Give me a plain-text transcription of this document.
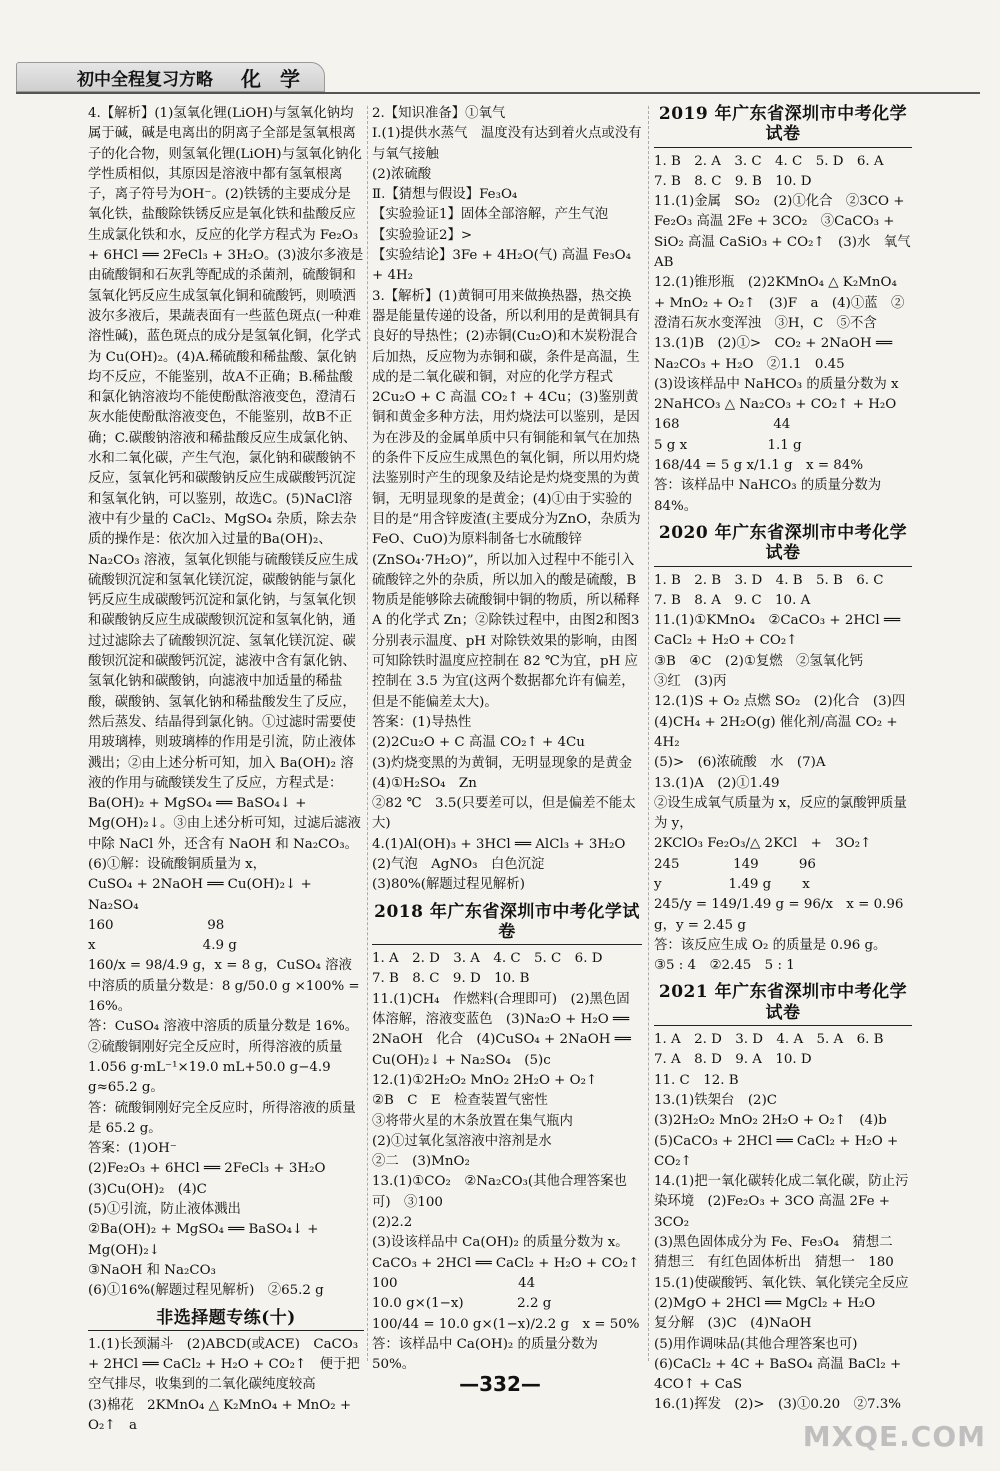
初中全程复习方略 化 学
4.【解析】(1)氢氧化锂(LiOH)与氢氧化钠均属于碱，碱是电离出的阴离子全部是氢氧根离子的化合物，则氢氧化锂(LiOH)与氢氧化钠化学性质相似，其原因是溶液中都有氢氧根离子，离子符号为OH⁻。(2)铁锈的主要成分是氧化铁，盐酸除铁锈反应是氧化铁和盐酸反应生成氯化铁和水，反应的化学方程式为 Fe₂O₃ + 6HCl ══ 2FeCl₃ + 3H₂O。(3)波尔多液是由硫酸铜和石灰乳等配成的杀菌剂，硫酸铜和氢氧化钙反应生成氢氧化铜和硫酸钙，则喷洒波尔多液后，果蔬表面有一些蓝色斑点(一种难溶性碱)，蓝色斑点的成分是氢氧化铜，化学式为 Cu(OH)₂。(4)A.稀硫酸和稀盐酸、氯化钠均不反应，不能鉴别，故A不正确；B.稀盐酸和氯化钠溶液均不能使酚酞溶液变色，澄清石灰水能使酚酞溶液变色，不能鉴别，故B不正确；C.碳酸钠溶液和稀盐酸反应生成氯化钠、水和二氧化碳，产生气泡，氯化钠和碳酸钠不反应，氢氧化钙和碳酸钠反应生成碳酸钙沉淀和氢氧化钠，可以鉴别，故选C。(5)NaCl溶液中有少量的 CaCl₂、MgSO₄ 杂质，除去杂质的操作是：依次加入过量的Ba(OH)₂、Na₂CO₃ 溶液，氢氧化钡能与硫酸镁反应生成硫酸钡沉淀和氢氧化镁沉淀，碳酸钠能与氯化钙反应生成碳酸钙沉淀和氯化钠，与氢氧化钡和碳酸钠反应生成碳酸钡沉淀和氢氧化钠，通过过滤除去了硫酸钡沉淀、氢氧化镁沉淀、碳酸钡沉淀和碳酸钙沉淀，滤液中含有氯化钠、氢氧化钠和碳酸钠，向滤液中加适量的稀盐酸，碳酸钠、氢氧化钠和稀盐酸发生了反应，然后蒸发、结晶得到氯化钠。①过滤时需要使用玻璃棒，则玻璃棒的作用是引流，防止液体溅出；②由上述分析可知，加入 Ba(OH)₂ 溶液的作用与硫酸镁发生了反应，方程式是：Ba(OH)₂ + MgSO₄ ══ BaSO₄↓ + Mg(OH)₂↓。③由上述分析可知，过滤后滤液中除 NaCl 外，还含有 NaOH 和 Na₂CO₃。
(6)①解：设硫酸铜质量为 x，
CuSO₄ + 2NaOH ══ Cu(OH)₂↓ + Na₂SO₄
160　　　　　　　98
x　　　　　　　　4.9 g
160/x = 98/4.9 g，x = 8 g，CuSO₄ 溶液中溶质的质量分数是：8 g/50.0 g ×100% = 16%。
答：CuSO₄ 溶液中溶质的质量分数是 16%。
②硫酸铜刚好完全反应时，所得溶液的质量 1.056 g·mL⁻¹×19.0 mL+50.0 g−4.9 g≈65.2 g。
答：硫酸铜刚好完全反应时，所得溶液的质量是 65.2 g。
答案：(1)OH⁻
(2)Fe₂O₃ + 6HCl ══ 2FeCl₃ + 3H₂O
(3)Cu(OH)₂　(4)C
(5)①引流，防止液体溅出
②Ba(OH)₂ + MgSO₄ ══ BaSO₄↓ + Mg(OH)₂↓
③NaOH 和 Na₂CO₃
(6)①16%(解题过程见解析)　②65.2 g
非选择题专练(十)
1.(1)长颈漏斗　(2)ABCD(或ACE)　CaCO₃ + 2HCl ══ CaCl₂ + H₂O + CO₂↑　便于把空气排尽，收集到的二氧化碳纯度较高
(3)棉花　2KMnO₄ △ K₂MnO₄ + MnO₂ + O₂↑　a
2.【知识准备】①氧气
Ⅰ.(1)提供水蒸气　温度没有达到着火点或没有与氧气接触
(2)浓硫酸
Ⅱ.【猜想与假设】Fe₃O₄
【实验验证1】固体全部溶解，产生气泡
【实验验证2】>
【实验结论】3Fe + 4H₂O(气) 高温 Fe₃O₄ + 4H₂
3.【解析】(1)黄铜可用来做换热器，热交换器是能量传递的设备，所以利用的是黄铜具有良好的导热性；(2)赤铜(Cu₂O)和木炭粉混合后加热，反应物为赤铜和碳，条件是高温，生成的是二氧化碳和铜，对应的化学方程式 2Cu₂O + C 高温 CO₂↑ + 4Cu；(3)鉴别黄铜和黄金多种方法，用灼烧法可以鉴别，是因为在涉及的金属单质中只有铜能和氧气在加热的条件下反应生成黑色的氧化铜，所以用灼烧法鉴别时产生的现象及结论是灼烧变黑的为黄铜，无明显现象的是黄金；(4)①由于实验的目的是“用含锌废渣(主要成分为ZnO，杂质为FeO、CuO)为原料制备七水硫酸锌(ZnSO₄·7H₂O)”，所以加入过程中不能引入硫酸锌之外的杂质，所以加入的酸是硫酸，B物质是能够除去硫酸铜中铜的物质，所以稀释 A 的化学式 Zn；②除铁过程中，由图2和图3分别表示温度、pH 对除铁效果的影响，由图可知除铁时温度应控制在 82 ℃为宜，pH 应控制在 3.5 为宜(这两个数据都允许有偏差，但是不能偏差太大)。
答案：(1)导热性
(2)2Cu₂O + C 高温 CO₂↑ + 4Cu
(3)灼烧变黑的为黄铜，无明显现象的是黄金
(4)①H₂SO₄　Zn
②82 ℃　3.5(只要差可以，但是偏差不能太大)
4.(1)Al(OH)₃ + 3HCl ══ AlCl₃ + 3H₂O
(2)气泡　AgNO₃　白色沉淀
(3)80%(解题过程见解析)
2018 年广东省深圳市中考化学试卷
1. A　2. D　3. A　4. C　5. C　6. D
7. B　8. C　9. D　10. B
11.(1)CH₄　作燃料(合理即可)　(2)黑色固体溶解，溶液变蓝色　(3)Na₂O + H₂O ══ 2NaOH　化合　(4)CuSO₄ + 2NaOH ══ Cu(OH)₂↓ + Na₂SO₄　(5)c
12.(1)①2H₂O₂ MnO₂ 2H₂O + O₂↑
②B　C　E　检查装置气密性
③将带火星的木条放置在集气瓶内
(2)①过氧化氢溶液中溶剂是水
②二　(3)MnO₂
13.(1)①CO₂　②Na₂CO₃(其他合理答案也可)　③100
(2)2.2
(3)设该样品中 Ca(OH)₂ 的质量分数为 x。
CaCO₃ + 2HCl ══ CaCl₂ + H₂O + CO₂↑
100　　　　　　　　　44
10.0 g×(1−x)　　　　2.2 g
100/44 = 10.0 g×(1−x)/2.2 g　x = 50%
答：该样品中 Ca(OH)₂ 的质量分数为 50%。
2019 年广东省深圳市中考化学试卷
1. B　2. A　3. C　4. C　5. D　6. A
7. B　8. C　9. B　10. D
11.(1)金属　SO₂　(2)①化合　②3CO + Fe₂O₃ 高温 2Fe + 3CO₂　③CaCO₃ + SiO₂ 高温 CaSiO₃ + CO₂↑　(3)水　氧气　AB
12.(1)锥形瓶　(2)2KMnO₄ △ K₂MnO₄ + MnO₂ + O₂↑　(3)F　a　(4)①蓝　②澄清石灰水变浑浊　③H，C　⑤不含
13.(1)B　(2)①>　CO₂ + 2NaOH ══ Na₂CO₃ + H₂O　②1.1　0.45
(3)设该样品中 NaHCO₃ 的质量分数为 x
2NaHCO₃ △ Na₂CO₃ + CO₂↑ + H₂O
168　　　　　　　44
5 g x　　　　　　1.1 g
168/44 = 5 g x/1.1 g　x = 84%
答：该样品中 NaHCO₃ 的质量分数为 84%。
2020 年广东省深圳市中考化学试卷
1. B　2. B　3. D　4. B　5. B　6. C
7. B　8. A　9. C　10. A
11.(1)①KMnO₄　②CaCO₃ + 2HCl ══ CaCl₂ + H₂O + CO₂↑
③B　④C　(2)①复燃　②氢氧化钙
③红　(3)丙
12.(1)S + O₂ 点燃 SO₂　(2)化合　(3)四
(4)CH₄ + 2H₂O(g) 催化剂/高温 CO₂ + 4H₂
(5)>　(6)浓硫酸　水　(7)A
13.(1)A　(2)①1.49
②设生成氧气质量为 x，反应的氯酸钾质量为 y，
2KClO₃ Fe₂O₃/△ 2KCl　+　3O₂↑
245　　　　149　　　96
y　　　　　1.49 g　　 x
245/y = 149/1.49 g = 96/x　x = 0.96 g，y = 2.45 g
答：该反应生成 O₂ 的质量是 0.96 g。
③5 : 4　②2.45　5 : 1
2021 年广东省深圳市中考化学试卷
1. A　2. D　3. D　4. A　5. A　6. B
7. A　8. D　9. A　10. D
11. C　12. B
13.(1)铁架台　(2)C
(3)2H₂O₂ MnO₂ 2H₂O + O₂↑　(4)b
(5)CaCO₃ + 2HCl ══ CaCl₂ + H₂O + CO₂↑
14.(1)把一氧化碳转化成二氧化碳，防止污染环境　(2)Fe₂O₃ + 3CO 高温 2Fe + 3CO₂
(3)黑色固体成分为 Fe、Fe₃O₄　猜想二　猜想三　有红色固体析出　猜想一　180
15.(1)使碳酸钙、氧化铁、氧化镁完全反应
(2)MgO + 2HCl ══ MgCl₂ + H₂O
复分解　(3)C　(4)NaOH
(5)用作调味品(其他合理答案也可)
(6)CaCl₂ + 4C + BaSO₄ 高温 BaCl₂ + 4CO↑ + CaS
16.(1)挥发　(2)>　(3)①0.20　②7.3%
—332—
MXQE.COM
